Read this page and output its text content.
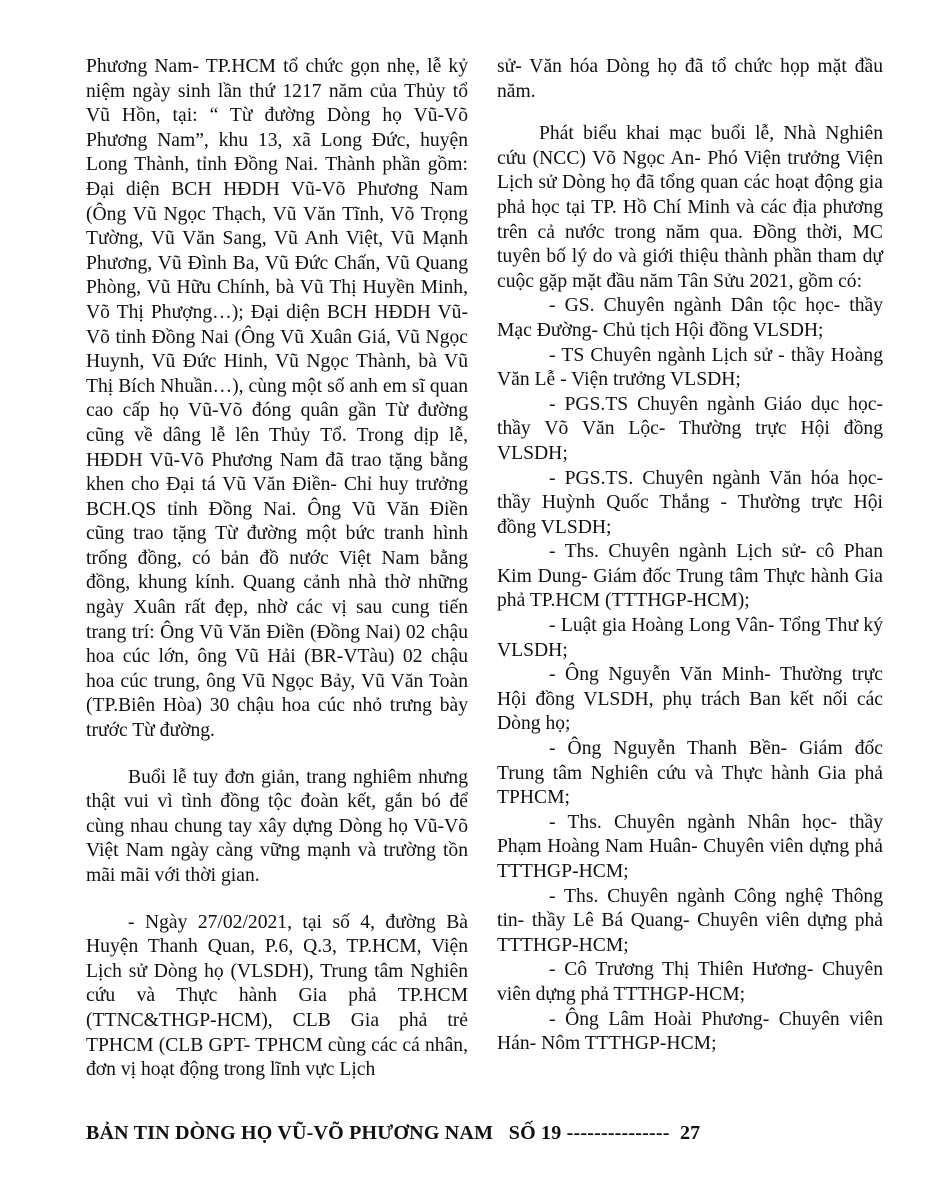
Phương Nam- TP.HCM tổ chức gọn nhẹ, lễ kỷ niệm ngày sinh lần thứ 1217 năm của Thủy tổ Vũ Hồn, tại: “ Từ đường Dòng họ Vũ-Võ Phương Nam”, khu 13, xã Long Đức, huyện Long Thành, tỉnh Đồng Nai. Thành phần gồm: Đại diện BCH HĐDH Vũ-Võ Phương Nam (Ông Vũ Ngọc Thạch, Vũ Văn Tĩnh, Võ Trọng Tường, Vũ Văn Sang, Vũ Anh Việt, Vũ Mạnh Phương, Vũ Đình Ba, Vũ Đức Chấn, Vũ Quang Phòng, Vũ Hữu Chính, bà Vũ Thị Huyền Minh, Võ Thị Phượng…); Đại diện BCH HĐDH Vũ-Võ tỉnh Đồng Nai (Ông Vũ Xuân Giá, Vũ Ngọc Huynh, Vũ Đức Hinh, Vũ Ngọc Thành, bà Vũ Thị Bích Nhuần…), cùng một số anh em sĩ quan cao cấp họ Vũ-Võ đóng quân gần Từ đường cũng về dâng lễ lên Thủy Tổ. Trong dịp lễ, HĐDH Vũ-Võ Phương Nam đã trao tặng bằng khen cho Đại tá Vũ Văn Điền- Chỉ huy trưởng BCH.QS tỉnh Đồng Nai. Ông Vũ Văn Điền cũng trao tặng Từ đường một bức tranh hình trống đồng, có bản đồ nước Việt Nam bằng đồng, khung kính. Quang cảnh nhà thờ những ngày Xuân rất đẹp, nhờ các vị sau cung tiến trang trí: Ông Vũ Văn Điền (Đồng Nai) 02 chậu hoa cúc lớn, ông Vũ Hải (BR-VTàu) 02 chậu hoa cúc trung, ông Vũ Ngọc Bảy, Vũ Văn Toàn (TP.Biên Hòa) 30 chậu hoa cúc nhỏ trưng bày trước Từ đường.

Buổi lễ tuy đơn giản, trang nghiêm nhưng thật vui vì tình đồng tộc đoàn kết, gắn bó để cùng nhau chung tay xây dựng Dòng họ Vũ-Võ Việt Nam ngày càng vững mạnh và trường tồn mãi mãi với thời gian.

- Ngày 27/02/2021, tại số 4, đường Bà Huyện Thanh Quan, P.6, Q.3, TP.HCM, Viện Lịch sử Dòng họ (VLSDH), Trung tâm Nghiên cứu và Thực hành Gia phả TP.HCM (TTNC&THGP-HCM), CLB Gia phả trẻ TPHCM (CLB GPT- TPHCM cùng các cá nhân, đơn vị hoạt động trong lĩnh vực Lịch

sử- Văn hóa Dòng họ đã tổ chức họp mặt đầu năm.

Phát biểu khai mạc buổi lễ, Nhà Nghiên cứu (NCC) Võ Ngọc An- Phó Viện trưởng Viện Lịch sử Dòng họ đã tổng quan các hoạt động gia phả học tại TP. Hồ Chí Minh và các địa phương trên cả nước trong năm qua. Đồng thời, MC tuyên bố lý do và giới thiệu thành phần tham dự cuộc gặp mặt đầu năm Tân Sửu 2021, gồm có:

- GS. Chuyên ngành Dân tộc học- thầy Mạc Đường- Chủ tịch Hội đồng VLSDH;

- TS Chuyên ngành Lịch sử - thầy Hoàng Văn Lễ - Viện trưởng VLSDH;

- PGS.TS Chuyên ngành Giáo dục học- thầy Võ Văn Lộc- Thường trực Hội đồng VLSDH;

- PGS.TS. Chuyên ngành Văn hóa học- thầy Huỳnh Quốc Thắng - Thường trực Hội đồng VLSDH;

- Ths. Chuyên ngành Lịch sử- cô Phan Kim Dung- Giám đốc Trung tâm Thực hành Gia phả TP.HCM (TTTHGP-HCM);

- Luật gia Hoàng Long Vân- Tổng Thư ký VLSDH;

- Ông Nguyễn Văn Minh- Thường trực Hội đồng VLSDH, phụ trách Ban kết nối các Dòng họ;

- Ông Nguyễn Thanh Bền- Giám đốc Trung tâm Nghiên cứu và Thực hành Gia phả TPHCM;

- Ths. Chuyên ngành Nhân học- thầy Phạm Hoàng Nam Huân- Chuyên viên dựng phả TTTHGP-HCM;

- Ths. Chuyên ngành Công nghệ Thông tin- thầy Lê Bá Quang- Chuyên viên dựng phả TTTHGP-HCM;

- Cô Trương Thị Thiên Hương- Chuyên viên dựng phả TTTHGP-HCM;

- Ông Lâm Hoài Phương- Chuyên viên Hán- Nôm TTTHGP-HCM;

BẢN TIN DÒNG HỌ VŨ-VÕ PHƯƠNG NAM SỐ 19 --------------- 27
